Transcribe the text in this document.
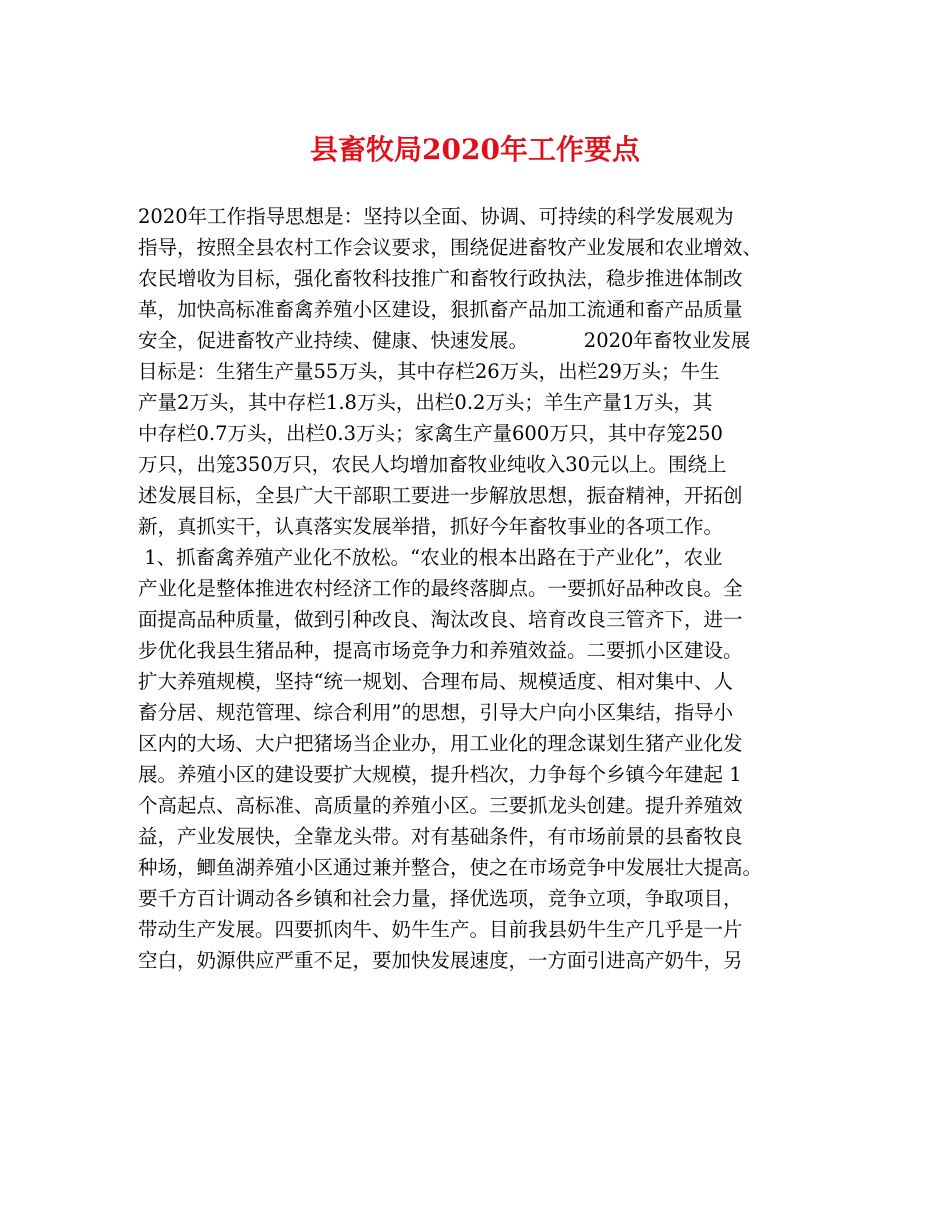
县畜牧局2020年工作要点
2020年工作指导思想是：坚持以全面、协调、可持续的科学发展观为
指导，按照全县农村工作会议要求，围绕促进畜牧产业发展和农业增效、
农民增收为目标，强化畜牧科技推广和畜牧行政执法，稳步推进体制改
革，加快高标准畜禽养殖小区建设，狠抓畜产品加工流通和畜产品质量
安全，促进畜牧产业持续、健康、快速发展。         2020年畜牧业发展
目标是：生猪生产量55万头，其中存栏26万头，出栏29万头；牛生
产量2万头，其中存栏1.8万头，出栏0.2万头；羊生产量1万头，其
中存栏0.7万头，出栏0.3万头；家禽生产量600万只，其中存笼250
万只，出笼350万只，农民人均增加畜牧业纯收入30元以上。围绕上
述发展目标，全县广大干部职工要进一步解放思想，振奋精神，开拓创
新，真抓实干，认真落实发展举措，抓好今年畜牧事业的各项工作。
1、抓畜禽养殖产业化不放松。“农业的根本出路在于产业化”，农业
产业化是整体推进农村经济工作的最终落脚点。一要抓好品种改良。全
面提高品种质量，做到引种改良、淘汰改良、培育改良三管齐下，进一
步优化我县生猪品种，提高市场竞争力和养殖效益。二要抓小区建设。
扩大养殖规模，坚持“统一规划、合理布局、规模适度、相对集中、人
畜分居、规范管理、综合利用”的思想，引导大户向小区集结，指导小
区内的大场、大户把猪场当企业办，用工业化的理念谋划生猪产业化发
展。养殖小区的建设要扩大规模，提升档次，力争每个乡镇今年建起 1
个高起点、高标准、高质量的养殖小区。三要抓龙头创建。提升养殖效
益，产业发展快，全靠龙头带。对有基础条件，有市场前景的县畜牧良
种场，鲫鱼湖养殖小区通过兼并整合，使之在市场竞争中发展壮大提高。
要千方百计调动各乡镇和社会力量，择优选项，竞争立项，争取项目，
带动生产发展。四要抓肉牛、奶牛生产。目前我县奶牛生产几乎是一片
空白，奶源供应严重不足，要加快发展速度，一方面引进高产奶牛，另
